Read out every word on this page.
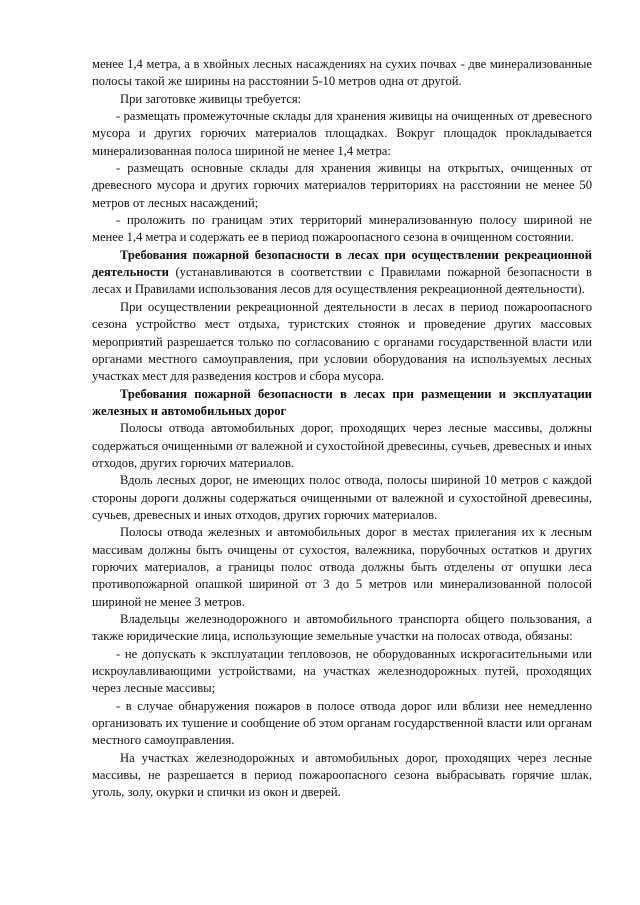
менее 1,4 метра, а в хвойных лесных насаждениях на сухих почвах - две минерализованные полосы такой же ширины на расстоянии 5-10 метров одна от другой.

При заготовке живицы требуется:

- размещать промежуточные склады для хранения живицы на очищенных от древесного мусора и других горючих материалов площадках. Вокруг площадок прокладывается минерализованная полоса шириной не менее 1,4 метра:

- размещать основные склады для хранения живицы на открытых, очищенных от древесного мусора и других горючих материалов территориях на расстоянии не менее 50 метров от лесных насаждений;

- проложить по границам этих территорий минерализованную полосу шириной не менее 1,4 метра и содержать ее в период пожароопасного сезона в очищенном состоянии.

Требования пожарной безопасности в лесах при осуществлении рекреационной деятельности (устанавливаются в соответствии с Правилами пожарной безопасности в лесах и Правилами использования лесов для осуществления рекреационной деятельности).

При осуществлении рекреационной деятельности в лесах в период пожароопасного сезона устройство мест отдыха, туристских стоянок и проведение других массовых мероприятий разрешается только по согласованию с органами государственной власти или органами местного самоуправления, при условии оборудования на используемых лесных участках мест для разведения костров и сбора мусора.

Требования пожарной безопасности в лесах при размещении и эксплуатации железных и автомобильных дорог

Полосы отвода автомобильных дорог, проходящих через лесные массивы, должны содержаться очищенными от валежной и сухостойной древесины, сучьев, древесных и иных отходов, других горючих материалов.

Вдоль лесных дорог, не имеющих полос отвода, полосы шириной 10 метров с каждой стороны дороги должны содержаться очищенными от валежной и сухостойной древесины, сучьев, древесных и иных отходов, других горючих материалов.

Полосы отвода железных и автомобильных дорог в местах прилегания их к лесным массивам должны быть очищены от сухостоя, валежника, порубочных остатков и других горючих материалов, а границы полос отвода должны быть отделены от опушки леса противопожарной опашкой шириной от 3 до 5 метров или минерализованной полосой шириной не менее 3 метров.

Владельцы железнодорожного и автомобильного транспорта общего пользования, а также юридические лица, использующие земельные участки на полосах отвода, обязаны:

- не допускать к эксплуатации тепловозов, не оборудованных искрогасительными или искроулавливающими устройствами, на участках железнодорожных путей, проходящих через лесные массивы;

- в случае обнаружения пожаров в полосе отвода дорог или вблизи нее немедленно организовать их тушение и сообщение об этом органам государственной власти или органам местного самоуправления.

На участках железнодорожных и автомобильных дорог, проходящих через лесные массивы, не разрешается в период пожароопасного сезона выбрасывать горячие шлак, уголь, золу, окурки и спички из окон и дверей.
